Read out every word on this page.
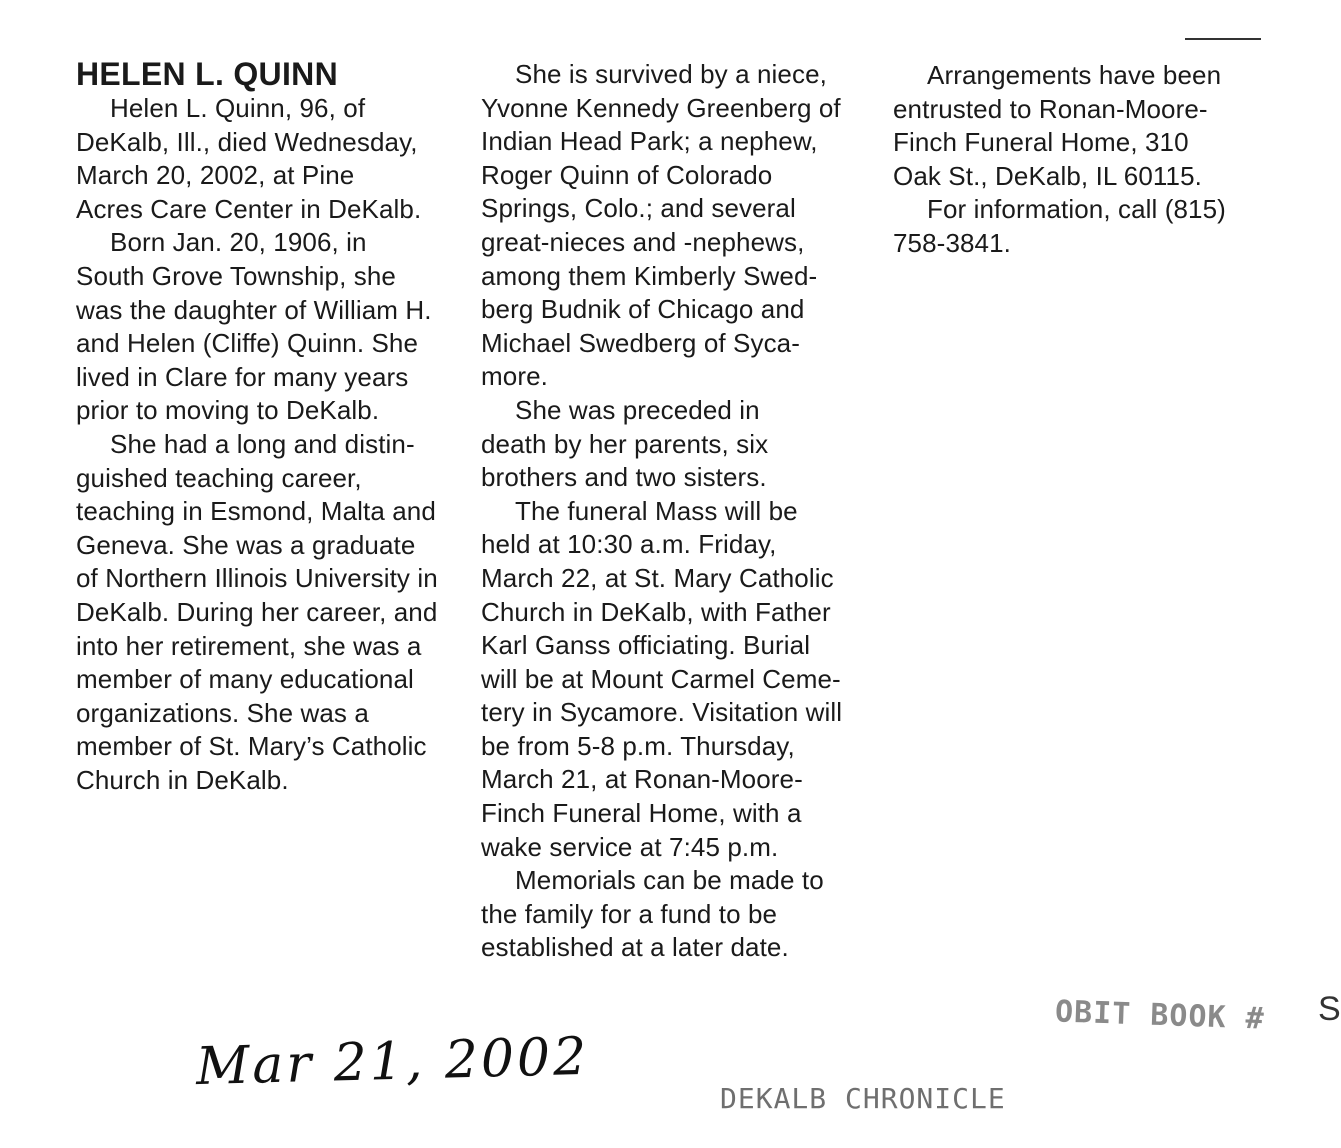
HELEN L. QUINN

Helen L. Quinn, 96, of

DeKalb, Ill., died Wednesday,

March 20, 2002, at Pine

Acres Care Center in DeKalb.

Born Jan. 20, 1906, in

South Grove Township, she

was the daughter of William H.

and Helen (Cliffe) Quinn. She

lived in Clare for many years

prior to moving to DeKalb.

She had a long and distin-

guished teaching career,

teaching in Esmond, Malta and

Geneva. She was a graduate

of Northern Illinois University in

DeKalb. During her career, and

into her retirement, she was a

member of many educational

organizations. She was a

member of St. Mary’s Catholic

Church in DeKalb.

She is survived by a niece,

Yvonne Kennedy Greenberg of

Indian Head Park; a nephew,

Roger Quinn of Colorado

Springs, Colo.; and several

great-nieces and -nephews,

among them Kimberly Swed-

berg Budnik of Chicago and

Michael Swedberg of Syca-

more.

She was preceded in

death by her parents, six

brothers and two sisters.

The funeral Mass will be

held at 10:30 a.m. Friday,

March 22, at St. Mary Catholic

Church in DeKalb, with Father

Karl Ganss officiating. Burial

will be at Mount Carmel Ceme-

tery in Sycamore. Visitation will

be from 5-8 p.m. Thursday,

March 21, at Ronan-Moore-

Finch Funeral Home, with a

wake service at 7:45 p.m.

Memorials can be made to

the family for a fund to be

established at a later date.

Arrangements have been

entrusted to Ronan-Moore-

Finch Funeral Home, 310

Oak St., DeKalb, IL 60115.

For information, call (815)

758-3841.

Mar 21, 2002
OBIT BOOK # S
DEKALB CHRONICLE
